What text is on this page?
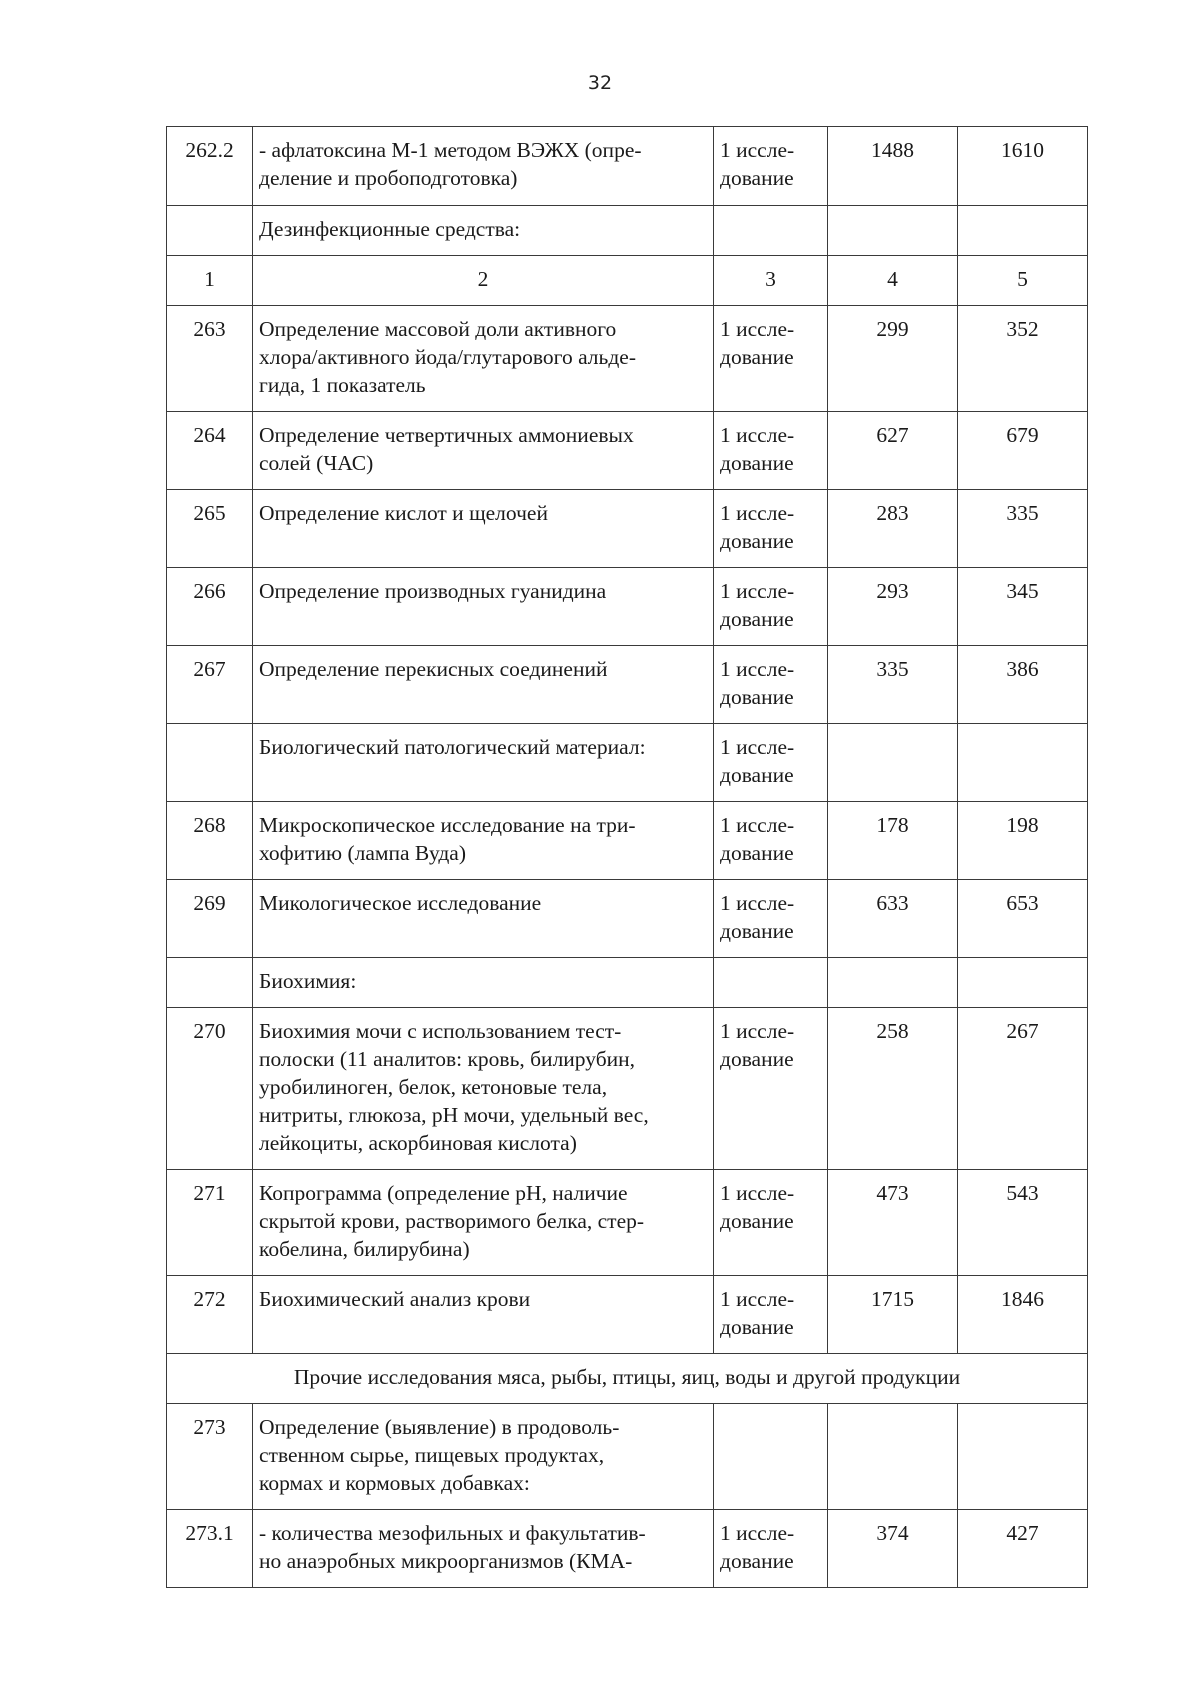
32
262.2	- афлатоксина М-1 методом ВЭЖХ (опре-
деление и пробоподготовка)	1 иссле-
дование	1488	1610

	Дезинфекционные средства:			

1	2	3	4	5
263	Определение массовой доли активного
хлора/активного йода/глутарового альде-
гида, 1 показатель	1 иссле-
дование	299	352
264	Определение четвертичных аммониевых
солей (ЧАС)	1 иссле-
дование	627	679
265	Определение кислот и щелочей	1 иссле-
дование	283	335
266	Определение производных гуанидина	1 иссле-
дование	293	345
267	Определение перекисных соединений	1 иссле-
дование	335	386

	Биологический патологический материал:	1 иссле-
дование		

268	Микроскопическое исследование на три-
хофитию (лампа Вуда)	1 иссле-
дование	178	198
269	Микологическое исследование	1 иссле-
дование	633	653

	Биохимия:			

270	Биохимия мочи с использованием тест-
полоски (11 аналитов: кровь, билирубин,
уробилиноген, белок, кетоновые тела,
нитриты, глюкоза, pH мочи, удельный вес,
лейкоциты, аскорбиновая кислота)	1 иссле-
дование	258	267
271	Копрограмма (определение pH, наличие
скрытой крови, растворимого белка, стер-
кобелина, билирубина)	1 иссле-
дование	473	543
272	Биохимический анализ крови	1 иссле-
дование	1715	1846

Прочие исследования мяса, рыбы, птицы, яиц, воды и другой продукции				

273	Определение (выявление) в продоволь-
ственном сырье, пищевых продуктах,
кормах и кормовых добавках:			

273.1	- количества мезофильных и факультатив-
но анаэробных микроорганизмов (КМА-	1 иссле-
дование	374	427
